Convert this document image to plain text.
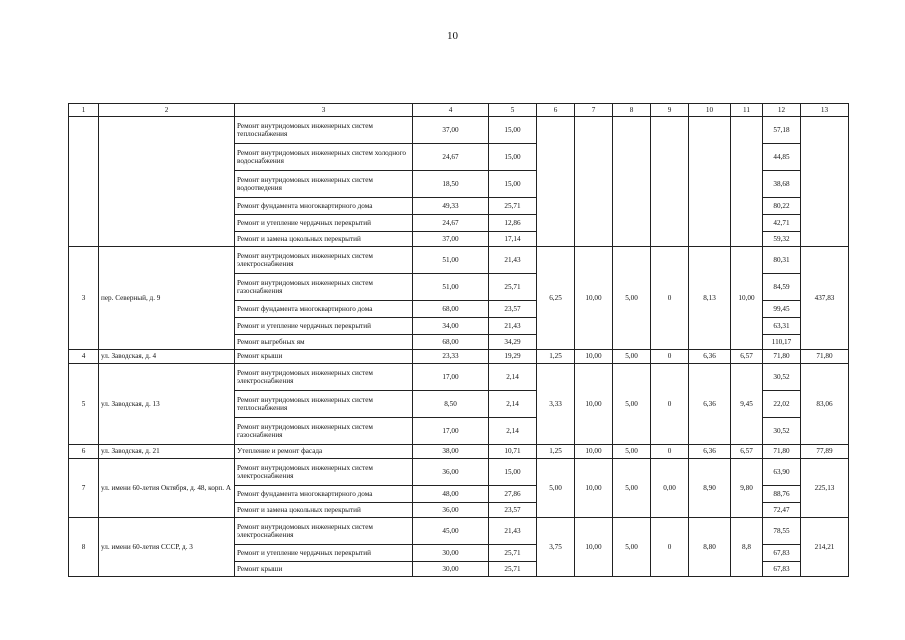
10
1	2	3	4	5	6	7	8	9	10	11	12	13
		Ремонт внутридомовых инженерных систем теплоснабжения	37,00	15,00							57,18	
		Ремонт внутридомовых инженерных систем холодного водоснабжения	24,67	15,00							44,85	
		Ремонт внутридомовых инженерных систем водоотведения	18,50	15,00							38,68	
		Ремонт фундамента многоквартирного дома	49,33	25,71							80,22	
		Ремонт и утепление чердачных перекрытий	24,67	12,86							42,71	
		Ремонт и замена цокольных перекрытий	37,00	17,14							59,32	
3	пер. Северный, д. 9	Ремонт внутридомовых инженерных систем электроснабжения	51,00	21,43	6,25	10,00	5,00	0	8,13	10,00	80,31	437,83
		Ремонт внутридомовых инженерных систем газоснабжения	51,00	25,71							84,59	
		Ремонт фундамента многоквартирного дома	68,00	23,57							99,45	
		Ремонт и утепление чердачных перекрытий	34,00	21,43							63,31	
		Ремонт выгребных ям	68,00	34,29							110,17	
4	ул. Заводская, д. 4	Ремонт крыши	23,33	19,29	1,25	10,00	5,00	0	6,36	6,57	71,80	71,80
5	ул. Заводская, д. 13	Ремонт внутридомовых инженерных систем электроснабжения	17,00	2,14	3,33	10,00	5,00	0	6,36	9,45	30,52	83,06
		Ремонт внутридомовых инженерных систем теплоснабжения	8,50	2,14							22,02	
		Ремонт внутридомовых инженерных систем газоснабжения	17,00	2,14							30,52	
6	ул. Заводская, д. 21	Утепление и ремонт фасада	38,00	10,71	1,25	10,00	5,00	0	6,36	6,57	71,80	77,89
7	ул. имени 60-летия Октября, д. 48, корп. А	Ремонт внутридомовых инженерных систем электроснабжения	36,00	15,00	5,00	10,00	5,00	0,00	8,90	9,80	63,90	225,13
		Ремонт фундамента многоквартирного дома	48,00	27,86							88,76	
		Ремонт и замена цокольных перекрытий	36,00	23,57							72,47	
8	ул. имени 60-летия СССР, д. 3	Ремонт внутридомовых инженерных систем электроснабжения	45,00	21,43	3,75	10,00	5,00	0	8,80	8,8	78,55	214,21
		Ремонт и утепление чердачных перекрытий	30,00	25,71							67,83	
		Ремонт крыши	30,00	25,71							67,83	
